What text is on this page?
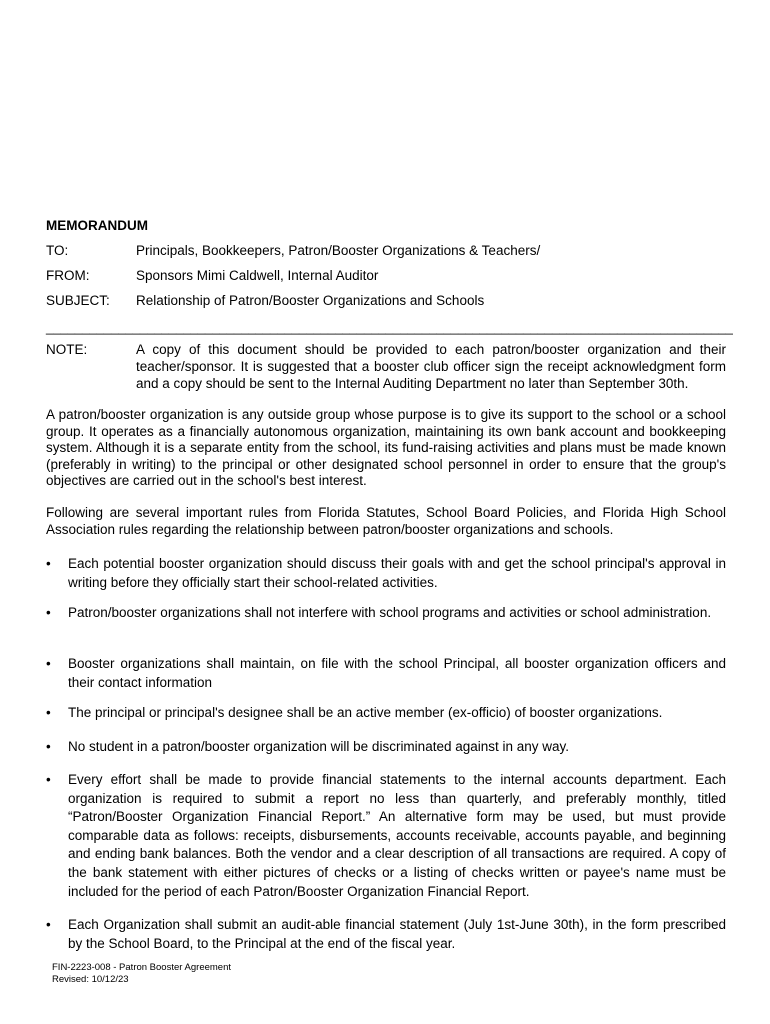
MEMORANDUM
TO:	Principals, Bookkeepers, Patron/Booster Organizations & Teachers/
FROM:	Sponsors Mimi Caldwell, Internal Auditor
SUBJECT: Relationship of Patron/Booster Organizations and Schools
_______________________________________________________________________________________________
NOTE:	A copy of this document should be provided to each patron/booster organization and their teacher/sponsor. It is suggested that a booster club officer sign the receipt acknowledgment form and a copy should be sent to the Internal Auditing Department no later than September 30th.
A patron/booster organization is any outside group whose purpose is to give its support to the school or a school group. It operates as a financially autonomous organization, maintaining its own bank account and bookkeeping system. Although it is a separate entity from the school, its fund-raising activities and plans must be made known (preferably in writing) to the principal or other designated school personnel in order to ensure that the group's objectives are carried out in the school's best interest.
Following are several important rules from Florida Statutes, School Board Policies, and Florida High School Association rules regarding the relationship between patron/booster organizations and schools.
• Each potential booster organization should discuss their goals with and get the school principal's approval in writing before they officially start their school-related activities.
• Patron/booster organizations shall not interfere with school programs and activities or school administration.
• Booster organizations shall maintain, on file with the school Principal, all booster organization officers and their contact information
• The principal or principal's designee shall be an active member (ex-officio) of booster organizations.
• No student in a patron/booster organization will be discriminated against in any way.
• Every effort shall be made to provide financial statements to the internal accounts department. Each organization is required to submit a report no less than quarterly, and preferably monthly, titled “Patron/Booster Organization Financial Report.” An alternative form may be used, but must provide comparable data as follows: receipts, disbursements, accounts receivable, accounts payable, and beginning and ending bank balances. Both the vendor and a clear description of all transactions are required. A copy of the bank statement with either pictures of checks or a listing of checks written or payee's name must be included for the period of each Patron/Booster Organization Financial Report.
• Each Organization shall submit an audit-able financial statement (July 1st-June 30th), in the form prescribed by the School Board, to the Principal at the end of the fiscal year.
FIN-2223-008 - Patron Booster Agreement
Revised: 10/12/23
